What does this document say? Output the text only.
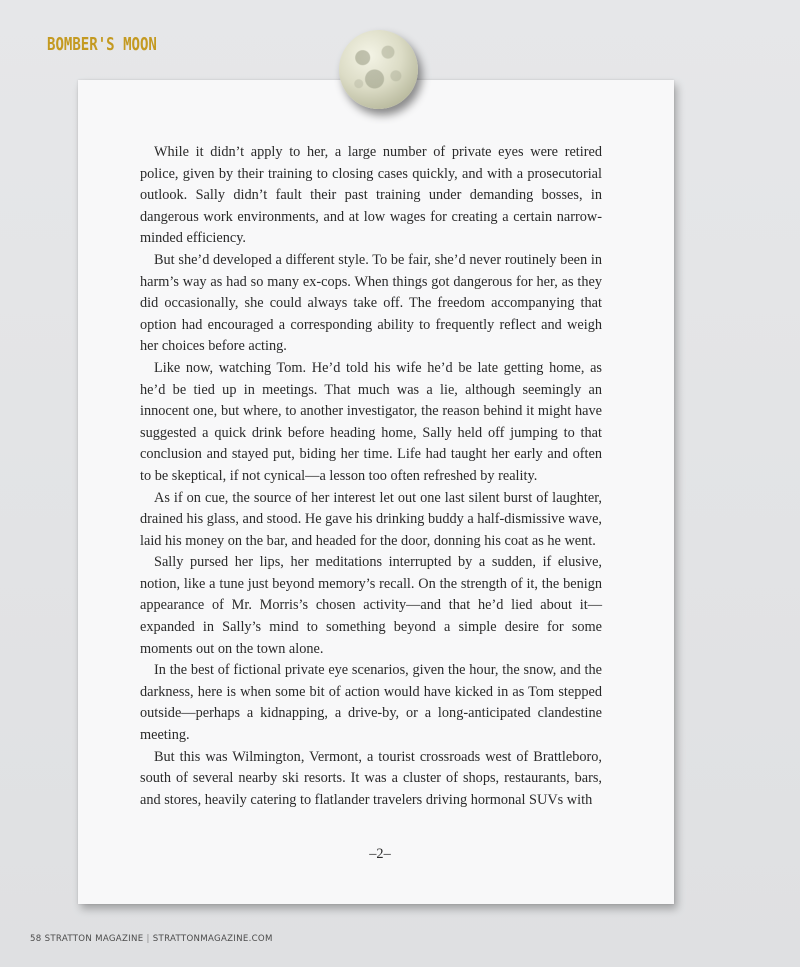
BOMBER'S MOON

While it didn’t apply to her, a large number of private eyes were retired police, given by their training to closing cases quickly, and with a prosecutorial outlook. Sally didn’t fault their past training under demanding bosses, in dangerous work environments, and at low wages for creating a certain narrow-minded efficiency.

But she’d developed a different style. To be fair, she’d never routinely been in harm’s way as had so many ex-cops. When things got dangerous for her, as they did occasionally, she could always take off. The freedom accompanying that option had encouraged a corresponding ability to frequently reflect and weigh her choices before acting.

Like now, watching Tom. He’d told his wife he’d be late getting home, as he’d be tied up in meetings. That much was a lie, although seemingly an innocent one, but where, to another investigator, the reason behind it might have suggested a quick drink before heading home, Sally held off jumping to that conclusion and stayed put, biding her time. Life had taught her early and often to be skeptical, if not cynical—a lesson too often refreshed by reality.

As if on cue, the source of her interest let out one last silent burst of laughter, drained his glass, and stood. He gave his drinking buddy a half-dismissive wave, laid his money on the bar, and headed for the door, donning his coat as he went.

Sally pursed her lips, her meditations interrupted by a sudden, if elusive, notion, like a tune just beyond memory’s recall. On the strength of it, the benign appearance of Mr. Morris’s chosen activity—and that he’d lied about it—expanded in Sally’s mind to something beyond a simple desire for some moments out on the town alone.

In the best of fictional private eye scenarios, given the hour, the snow, and the darkness, here is when some bit of action would have kicked in as Tom stepped outside—perhaps a kidnapping, a drive-by, or a long-anticipated clandestine meeting.

But this was Wilmington, Vermont, a tourist crossroads west of Brattleboro, south of several nearby ski resorts. It was a cluster of shops, restaurants, bars, and stores, heavily catering to flatlander travelers driving hormonal SUVs with

–2–
58 STRATTON MAGAZINE | STRATTONMAGAZINE.COM
